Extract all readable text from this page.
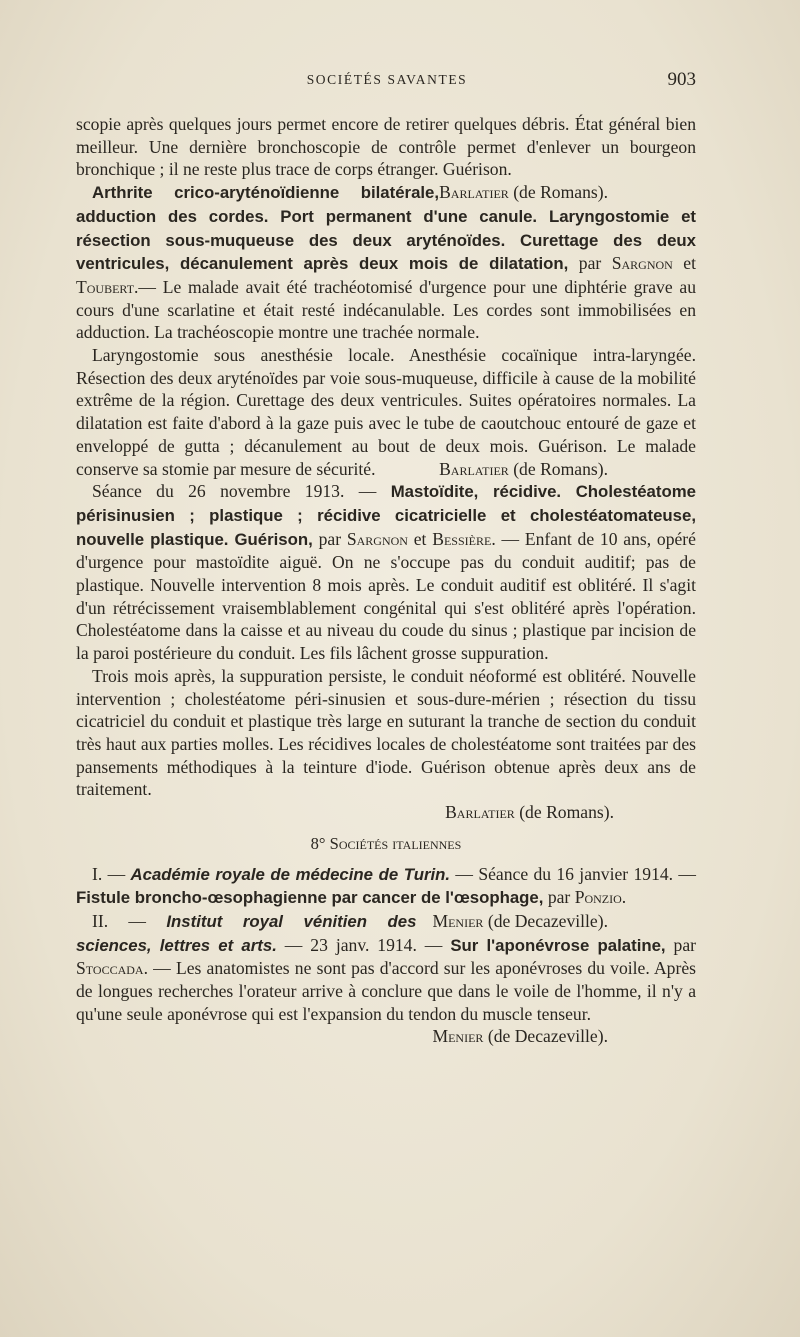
SOCIÉTÉS SAVANTES	903

scopie après quelques jours permet encore de retirer quelques débris. État général bien meilleur. Une dernière bronchoscopie de contrôle permet d'enlever un bourgeon bronchique ; il ne reste plus trace de corps étranger. Guérison.
Barlatier (de Romans).

Arthrite crico-aryténoïdienne bilatérale, adduction des cordes. Port permanent d'une canule. Laryngostomie et résection sous-muqueuse des deux aryténoïdes. Curettage des deux ventricules, décanulement après deux mois de dilatation, par Sargnon et Toubert.— Le malade avait été trachéotomisé d'urgence pour une diphtérie grave au cours d'une scarlatine et était resté indécanulable. Les cordes sont immobilisées en adduction. La trachéoscopie montre une trachée normale.

Laryngostomie sous anesthésie locale. Anesthésie cocaïnique intra-laryngée. Résection des deux aryténoïdes par voie sous-muqueuse, difficile à cause de la mobilité extrême de la région. Curettage des deux ventricules. Suites opératoires normales. La dilatation est faite d'abord à la gaze puis avec le tube de caoutchouc entouré de gaze et enveloppé de gutta ; décanulement au bout de deux mois. Guérison. Le malade conserve sa stomie par mesure de sécurité.	Barlatier (de Romans).

Séance du 26 novembre 1913. — Mastoïdite, récidive. Cholestéatome périsinusien ; plastique ; récidive cicatricielle et cholestéatomateuse, nouvelle plastique. Guérison, par Sargnon et Bessière. — Enfant de 10 ans, opéré d'urgence pour mastoïdite aiguë. On ne s'occupe pas du conduit auditif; pas de plastique. Nouvelle intervention 8 mois après. Le conduit auditif est oblitéré. Il s'agit d'un rétrécissement vraisemblablement congénital qui s'est oblitéré après l'opération. Cholestéatome dans la caisse et au niveau du coude du sinus ; plastique par incision de la paroi postérieure du conduit. Les fils lâchent grosse suppuration.

Trois mois après, la suppuration persiste, le conduit néoformé est oblitéré. Nouvelle intervention ; cholestéatome péri-sinusien et sous-dure-mérien ; résection du tissu cicatriciel du conduit et plastique très large en suturant la tranche de section du conduit très haut aux parties molles. Les récidives locales de cholestéatome sont traitées par des pansements méthodiques à la teinture d'iode. Guérison obtenue après deux ans de traitement.

Barlatier (de Romans).

8° Sociétés italiennes

I. — Académie royale de médecine de Turin. — Séance du 16 janvier 1914. — Fistule broncho-œsophagienne par cancer de l'œsophage, par Ponzio.
Menier (de Decazeville).

II. — Institut royal vénitien des sciences, lettres et arts. — 23 janv. 1914. — Sur l'aponévrose palatine, par Stoccada. — Les anatomistes ne sont pas d'accord sur les aponévroses du voile. Après de longues recherches l'orateur arrive à conclure que dans le voile de l'homme, il n'y a qu'une seule aponévrose qui est l'expansion du tendon du muscle tenseur.
Menier (de Decazeville).
